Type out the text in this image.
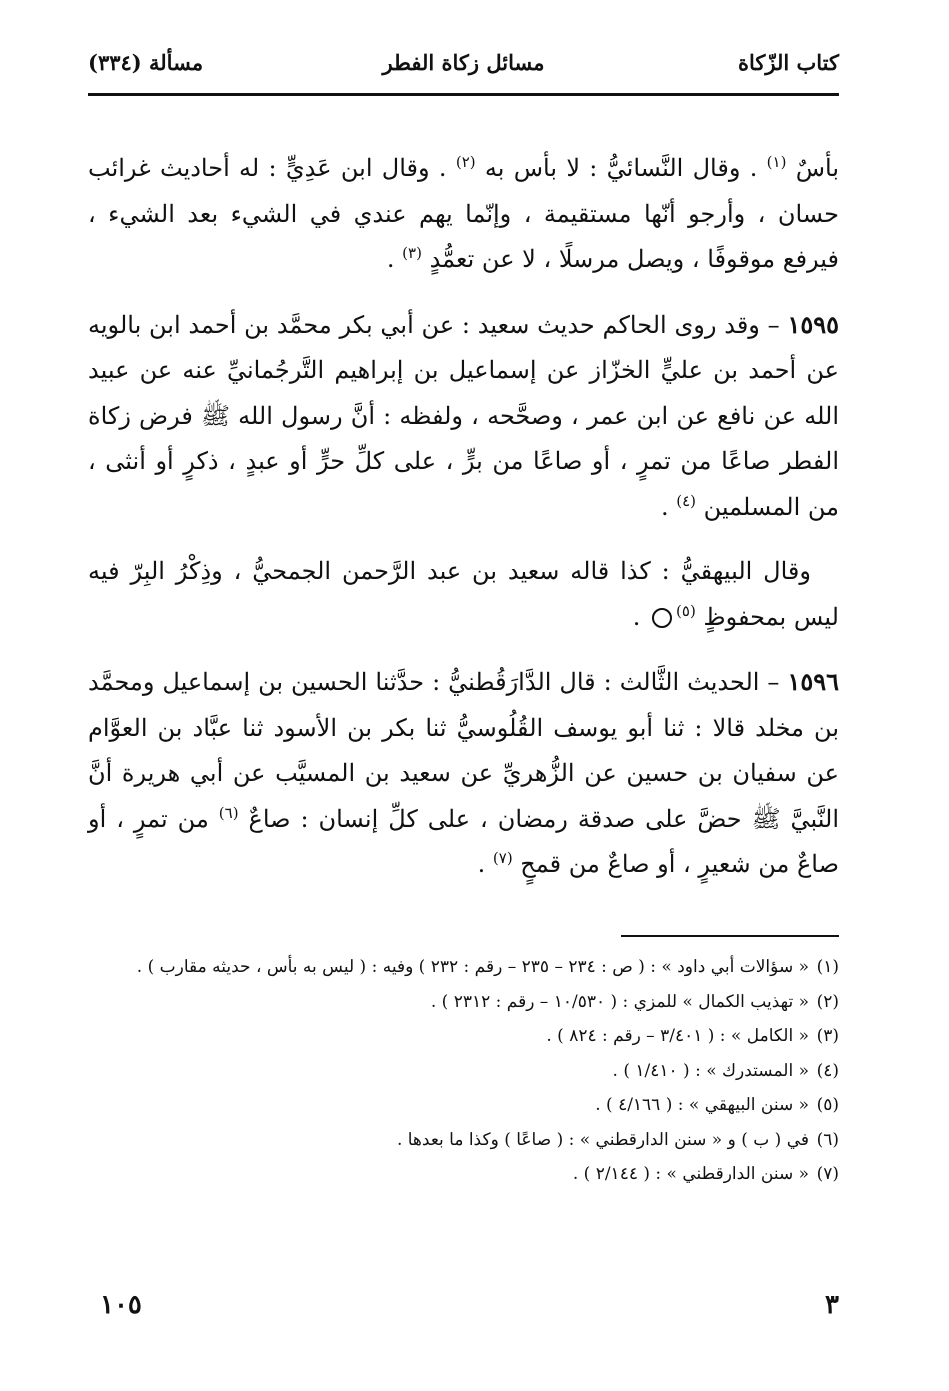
كتاب الزّكاة
مسائل زكاة الفطر
مسألة (٣٣٤)

بأسٌ $^{(١)}$ . وقال النَّسائيُّ : لا بأس به $^{(٢)}$ . وقال ابن عَدِيٍّ : له أحاديث غرائب حسان ، وأرجو أنّها مستقيمة ، وإنّما يهم عندي في الشيء بعد الشيء ، فيرفع موقوفًا ، ويصل مرسلًا ، لا عن تعمُّدٍ $^{(٣)}$ .

١٥٩٥ – وقد روى الحاكم حديث سعيد : عن أبي بكر محمَّد بن أحمد ابن بالويه عن أحمد بن عليٍّ الخزّاز عن إسماعيل بن إبراهيم التَّرجُمانيِّ عنه عن عبيد الله عن نافع عن ابن عمر ، وصحَّحه ، ولفظه : أنَّ رسول الله ﷺ فرض زكاة الفطر صاعًا من تمرٍ ، أو صاعًا من برٍّ ، على كلِّ حرٍّ أو عبدٍ ، ذكرٍ أو أنثى ، من المسلمين $^{(٤)}$ .

وقال البيهقيُّ : كذا قاله سعيد بن عبد الرَّحمن الجمحيُّ ، وذِكْرُ البِرّ فيه ليس بمحفوظٍ $^{(٥)}$ .

١٥٩٦ – الحديث الثَّالث : قال الدَّارَقُطنيُّ : حدَّثنا الحسين بن إسماعيل ومحمَّد بن مخلد قالا : ثنا أبو يوسف القُلُوسيُّ ثنا بكر بن الأسود ثنا عبَّاد بن العوَّام عن سفيان بن حسين عن الزُّهريِّ عن سعيد بن المسيَّب عن أبي هريرة أنَّ النَّبيَّ ﷺ حضَّ على صدقة رمضان ، على كلِّ إنسان : صاعٌ $^{(٦)}$ من تمرٍ ، أو صاعٌ من شعيرٍ ، أو صاعٌ من قمحٍ $^{(٧)}$ .

(١)
« سؤالات أبي داود » : ( ص : ٢٣٤ – ٢٣٥ – رقم : ٢٣٢ ) وفيه : ( ليس به بأس ، حديثه مقارب ) .

(٢)
« تهذيب الكمال » للمزي : ( ١٠/٥٣٠ – رقم : ٢٣١٢ ) .

(٣)
« الكامل » : ( ٣/٤٠١ – رقم : ٨٢٤ ) .

(٤)
« المستدرك » : ( ١/٤١٠ ) .

(٥)
« سنن البيهقي » : ( ٤/١٦٦ ) .

(٦)
في ( ب ) و « سنن الدارقطني » : ( صاعًا ) وكذا ما بعدها .

(٧)
« سنن الدارقطني » : ( ٢/١٤٤ ) .

٣
١٠٥
